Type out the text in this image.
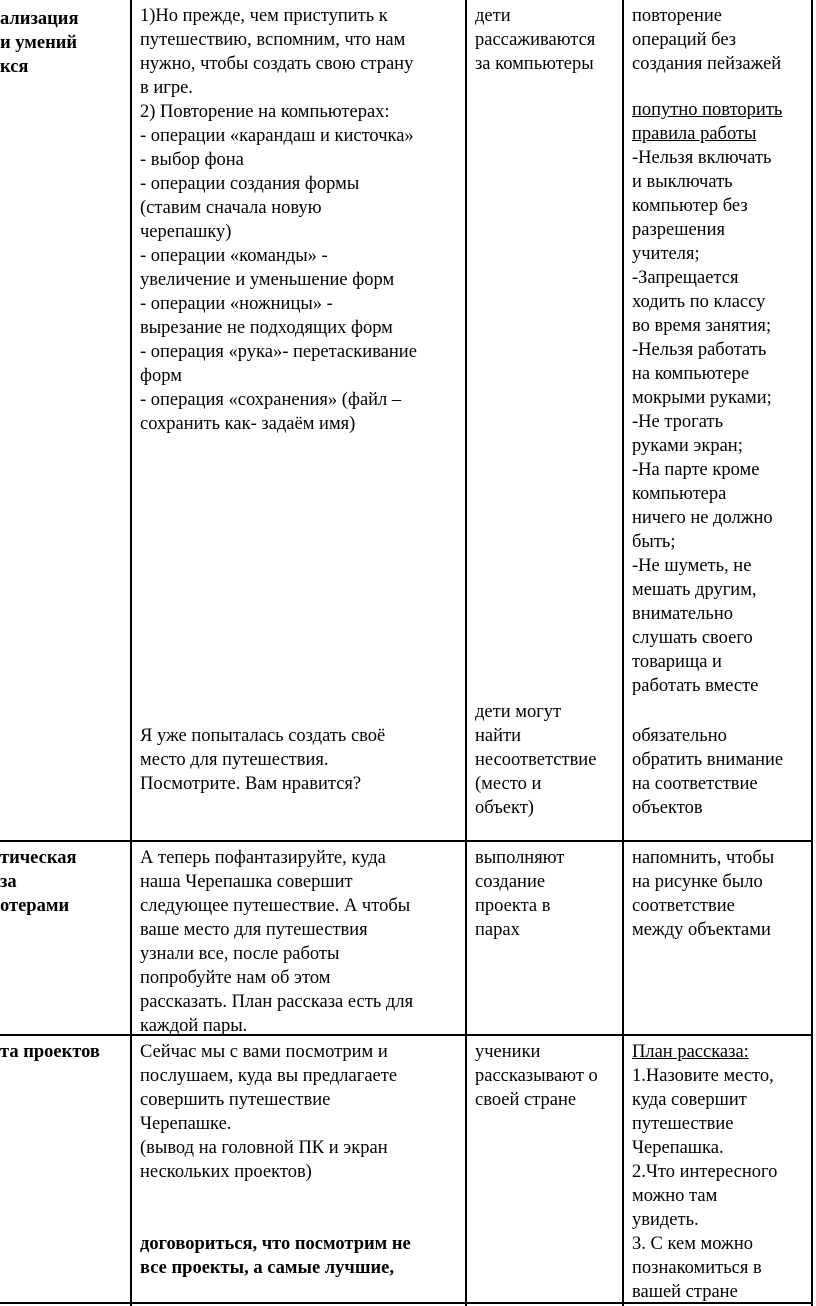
ализация
и умений
кся
1)Но прежде, чем приступить к
путешествию, вспомним, что нам
нужно, чтобы создать свою страну
в игре.
2) Повторение на компьютерах:
- операции «карандаш и кисточка»
- выбор фона
- операции создания формы
(ставим сначала новую
черепашку)
- операции «команды» -
увеличение и уменьшение форм
- операции «ножницы» -
вырезание не подходящих форм
- операция «рука»- перетаскивание
форм
- операция «сохранения» (файл –
сохранить как- задаём имя)
Я уже попыталась создать своё
место для путешествия.
Посмотрите. Вам нравится?
дети
рассаживаются
за компьютеры
дети могут
найти
несоответствие
(место и
объект)
повторение
операций без
создания пейзажей
попутно повторить
правила работы
-Нельзя включать
и выключать
компьютер без
разрешения
учителя;
-Запрещается
ходить по классу
во время занятия;
-Нельзя работать
на компьютере
мокрыми руками;
-Не трогать
руками экран;
-На парте кроме
компьютера
ничего не должно
быть;
-Не шуметь, не
мешать другим,
внимательно
слушать своего
товарища и
работать вместе
обязательно
обратить внимание
на соответствие
объектов
тическая
за
отерами
А теперь пофантазируйте, куда
наша Черепашка совершит
следующее путешествие. А чтобы
ваше место для путешествия
узнали все, после работы
попробуйте нам об этом
рассказать. План рассказа есть для
каждой пары.
выполняют
создание
проекта в
парах
напомнить, чтобы
на рисунке было
соответствие
между объектами
та проектов	Сейчас мы с вами посмотрим и
послушаем, куда вы предлагаете
совершить путешествие
Черепашке.
(вывод на головной ПК и экран
нескольких проектов)
договориться, что посмотрим не
все проекты, а самые лучшие,
ученики
рассказывают о
своей стране
План рассказа:
1.Назовите место,
куда совершит
путешествие
Черепашка.
2.Что интересного
можно там
увидеть.
3. С кем можно
познакомиться в
вашей стране
